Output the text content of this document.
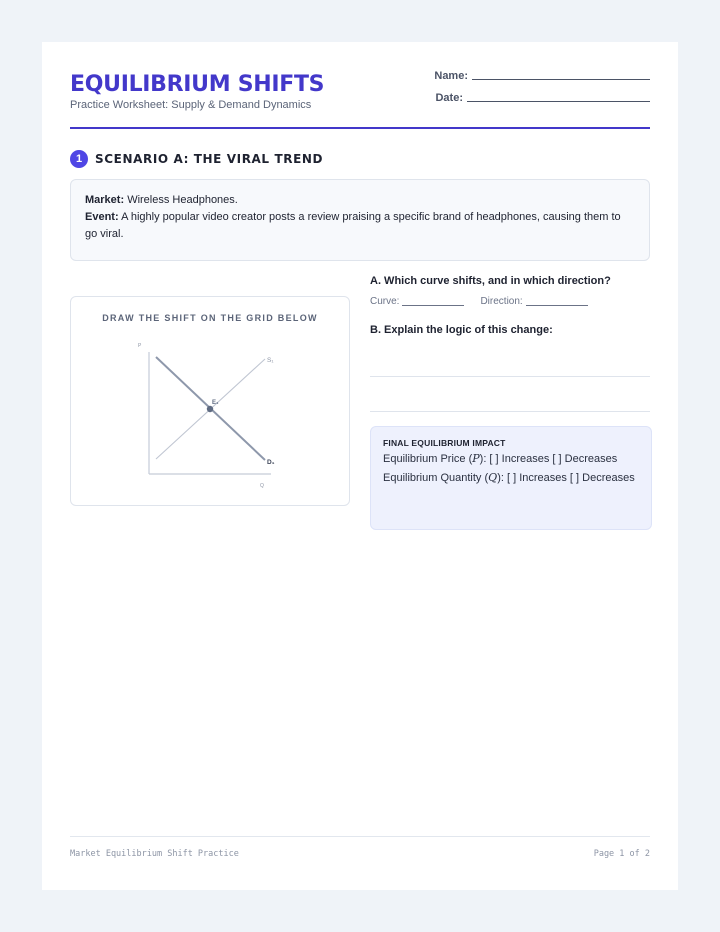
EQUILIBRIUM SHIFTS
Practice Worksheet: Supply & Demand Dynamics
Name:
Date:
1	SCENARIO A: THE VIRAL TREND

Market: Wireless Headphones.

Event: A highly popular video creator posts a review praising a specific brand of headphones, causing them to go viral.

DRAW THE SHIFT ON THE GRID BELOW
P
Q
S₁
D₁
E₁
A. Which curve shifts, and in which direction?
Curve:	Direction:
B. Explain the logic of this change:
FINAL EQUILIBRIUM IMPACT
Equilibrium Price (P): [ ] Increases [ ] Decreases
Equilibrium Quantity (Q): [ ] Increases [ ] Decreases
Market Equilibrium Shift Practice	Page 1 of 2
